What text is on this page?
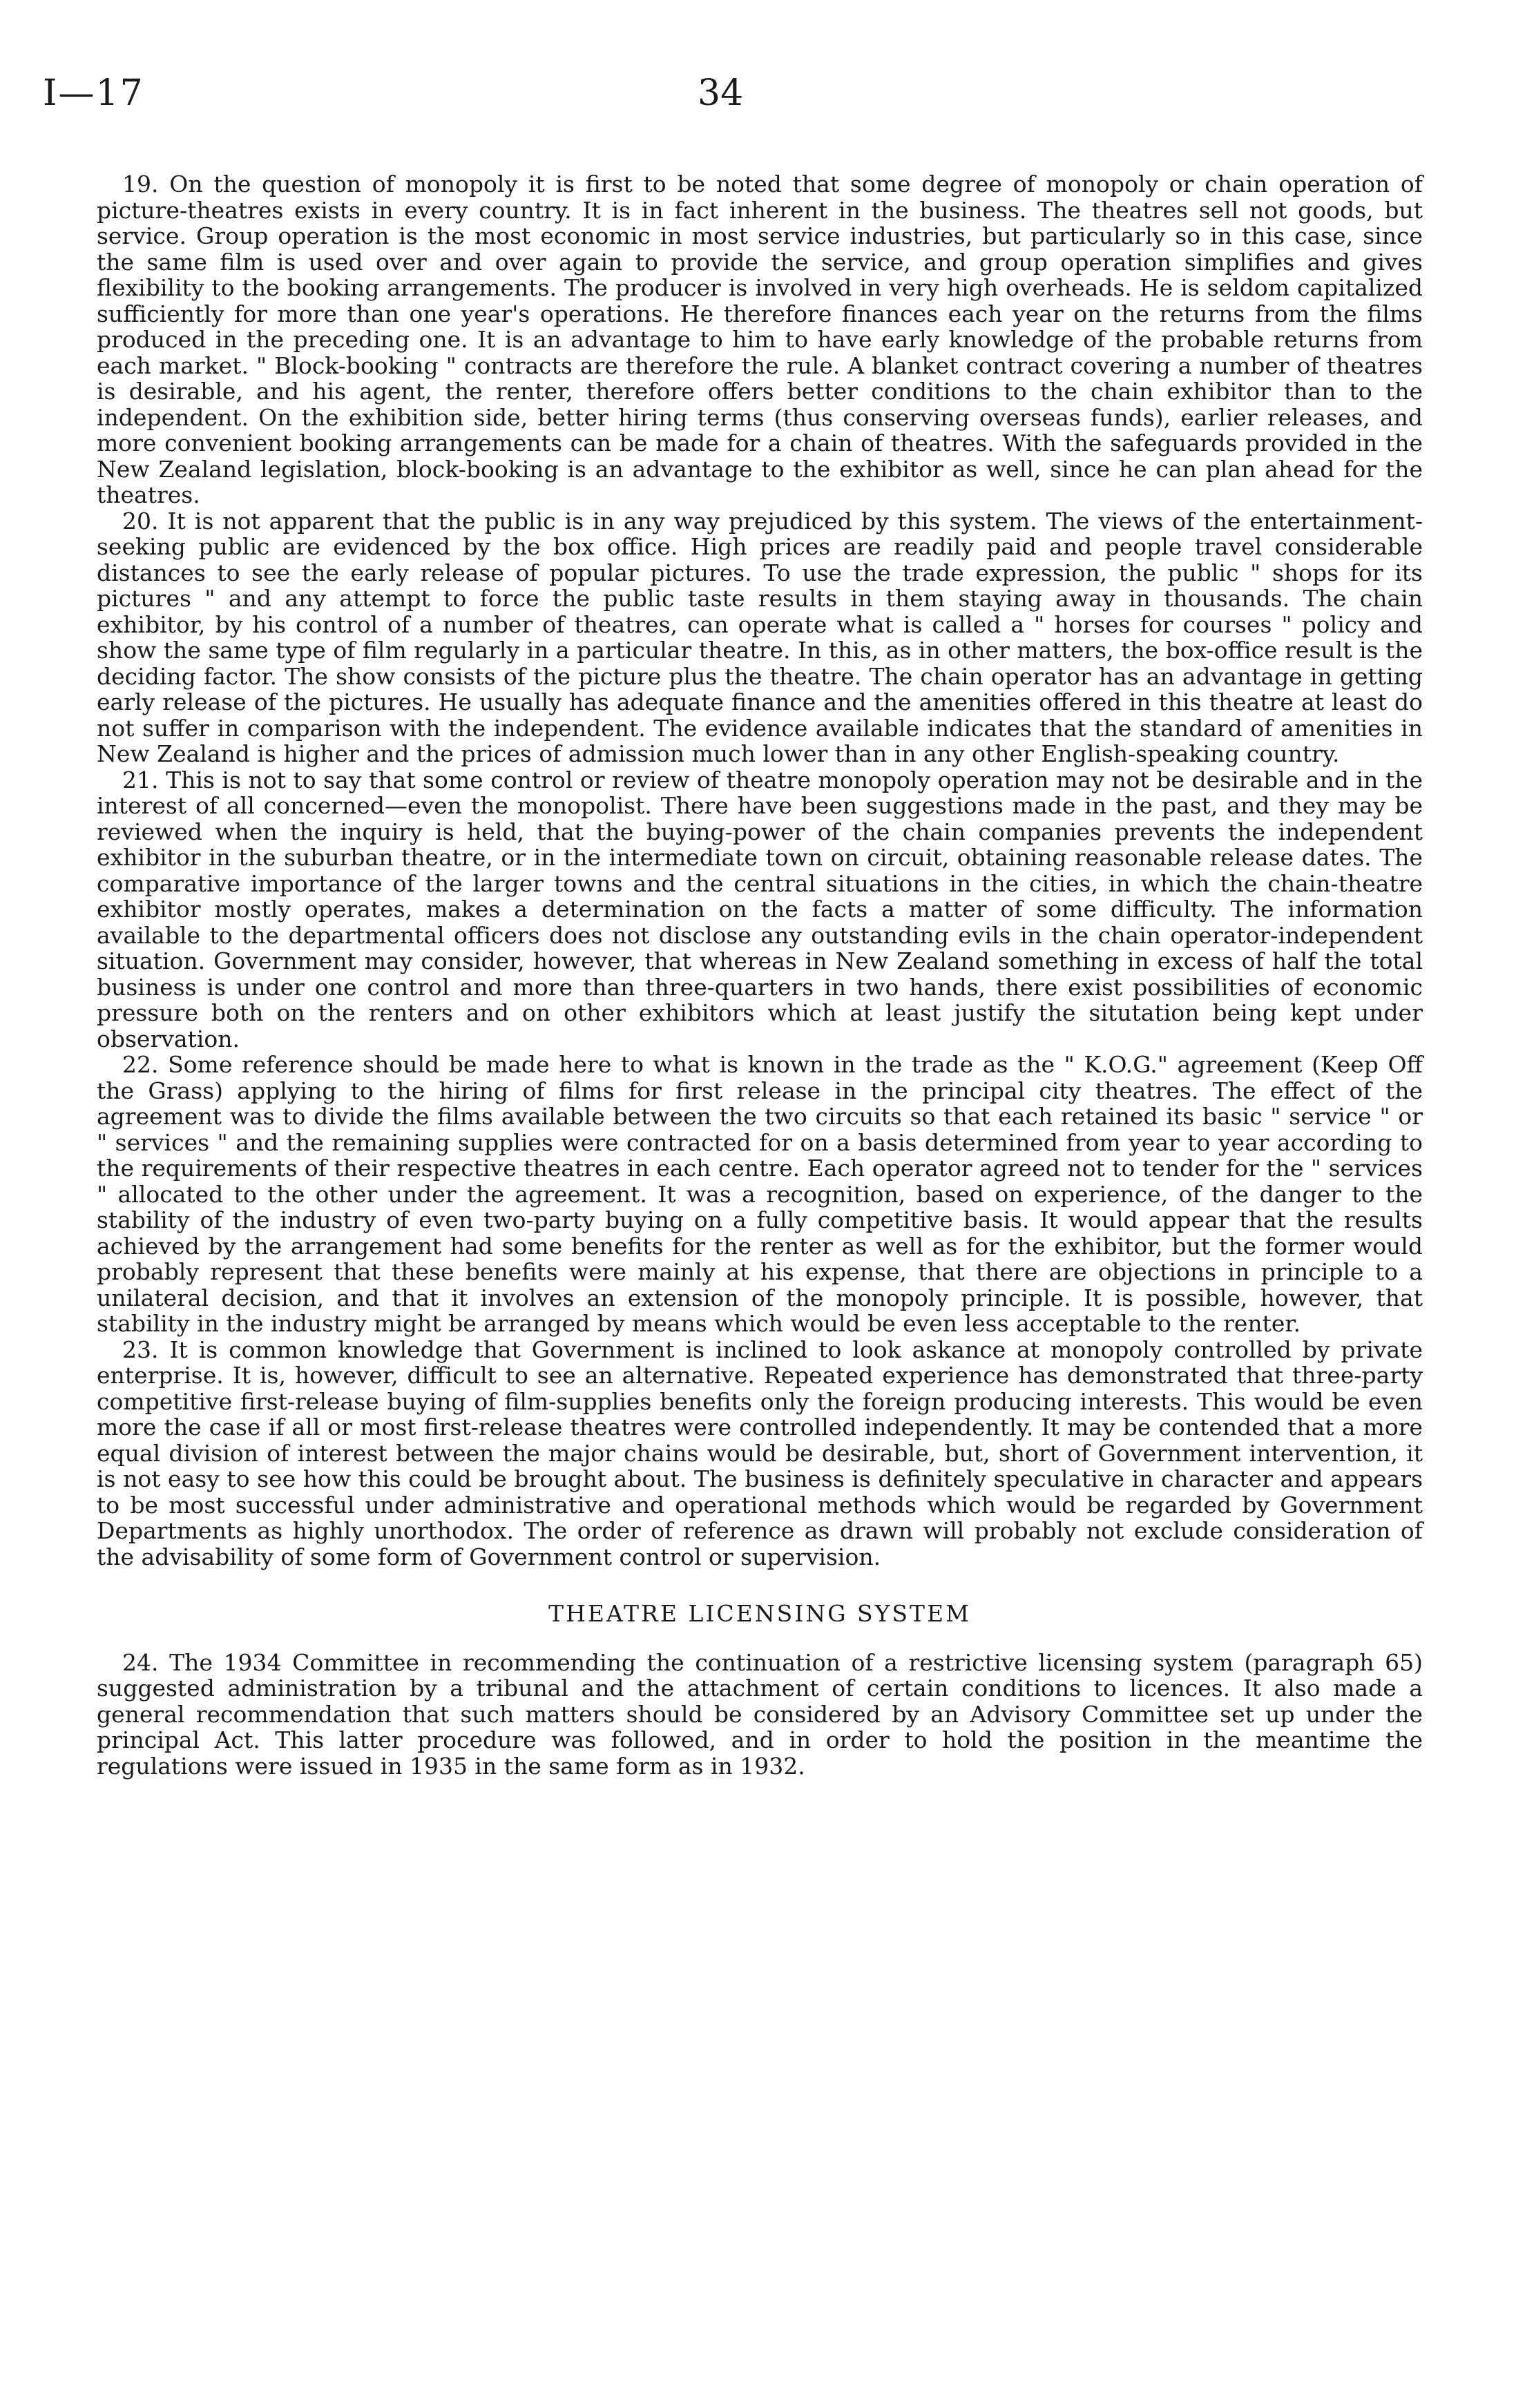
I—17	34

19. On the question of monopoly it is first to be noted that some degree of monopoly or chain operation of picture-theatres exists in every country. It is in fact inherent in the business. The theatres sell not goods, but service. Group operation is the most economic in most service industries, but particularly so in this case, since the same film is used over and over again to provide the service, and group operation simplifies and gives flexibility to the booking arrangements. The producer is involved in very high overheads. He is seldom capitalized sufficiently for more than one year's operations. He therefore finances each year on the returns from the films produced in the preceding one. It is an advantage to him to have early knowledge of the probable returns from each market. " Block-booking " contracts are therefore the rule. A blanket contract covering a number of theatres is desirable, and his agent, the renter, therefore offers better conditions to the chain exhibitor than to the independent. On the exhibition side, better hiring terms (thus conserving overseas funds), earlier releases, and more convenient booking arrangements can be made for a chain of theatres. With the safeguards provided in the New Zealand legislation, block-booking is an advantage to the exhibitor as well, since he can plan ahead for the theatres.

20. It is not apparent that the public is in any way prejudiced by this system. The views of the entertainment-seeking public are evidenced by the box office. High prices are readily paid and people travel considerable distances to see the early release of popular pictures. To use the trade expression, the public " shops for its pictures " and any attempt to force the public taste results in them staying away in thousands. The chain exhibitor, by his control of a number of theatres, can operate what is called a " horses for courses " policy and show the same type of film regularly in a particular theatre. In this, as in other matters, the box-office result is the deciding factor. The show consists of the picture plus the theatre. The chain operator has an advantage in getting early release of the pictures. He usually has adequate finance and the amenities offered in this theatre at least do not suffer in comparison with the independent. The evidence available indicates that the standard of amenities in New Zealand is higher and the prices of admission much lower than in any other English-speaking country.

21. This is not to say that some control or review of theatre monopoly operation may not be desirable and in the interest of all concerned—even the monopolist. There have been suggestions made in the past, and they may be reviewed when the inquiry is held, that the buying-power of the chain companies prevents the independent exhibitor in the suburban theatre, or in the intermediate town on circuit, obtaining reasonable release dates. The comparative importance of the larger towns and the central situations in the cities, in which the chain-theatre exhibitor mostly operates, makes a determination on the facts a matter of some difficulty. The information available to the departmental officers does not disclose any outstanding evils in the chain operator-independent situation. Government may consider, however, that whereas in New Zealand something in excess of half the total business is under one control and more than three-quarters in two hands, there exist possibilities of economic pressure both on the renters and on other exhibitors which at least justify the situtation being kept under observation.

22. Some reference should be made here to what is known in the trade as the " K.O.G." agreement (Keep Off the Grass) applying to the hiring of films for first release in the principal city theatres. The effect of the agreement was to divide the films available between the two circuits so that each retained its basic " service " or " services " and the remaining supplies were contracted for on a basis determined from year to year according to the requirements of their respective theatres in each centre. Each operator agreed not to tender for the " services " allocated to the other under the agreement. It was a recognition, based on experience, of the danger to the stability of the industry of even two-party buying on a fully competitive basis. It would appear that the results achieved by the arrangement had some benefits for the renter as well as for the exhibitor, but the former would probably represent that these benefits were mainly at his expense, that there are objections in principle to a unilateral decision, and that it involves an extension of the monopoly principle. It is possible, however, that stability in the industry might be arranged by means which would be even less acceptable to the renter.

23. It is common knowledge that Government is inclined to look askance at monopoly controlled by private enterprise. It is, however, difficult to see an alternative. Repeated experience has demonstrated that three-party competitive first-release buying of film-supplies benefits only the foreign producing interests. This would be even more the case if all or most first-release theatres were controlled independently. It may be contended that a more equal division of interest between the major chains would be desirable, but, short of Government intervention, it is not easy to see how this could be brought about. The business is definitely speculative in character and appears to be most successful under administrative and operational methods which would be regarded by Government Departments as highly unorthodox. The order of reference as drawn will probably not exclude consideration of the advisability of some form of Government control or supervision.

THEATRE LICENSING SYSTEM

24. The 1934 Committee in recommending the continuation of a restrictive licensing system (paragraph 65) suggested administration by a tribunal and the attachment of certain conditions to licences. It also made a general recommendation that such matters should be considered by an Advisory Committee set up under the principal Act. This latter procedure was followed, and in order to hold the position in the meantime the regulations were issued in 1935 in the same form as in 1932.
